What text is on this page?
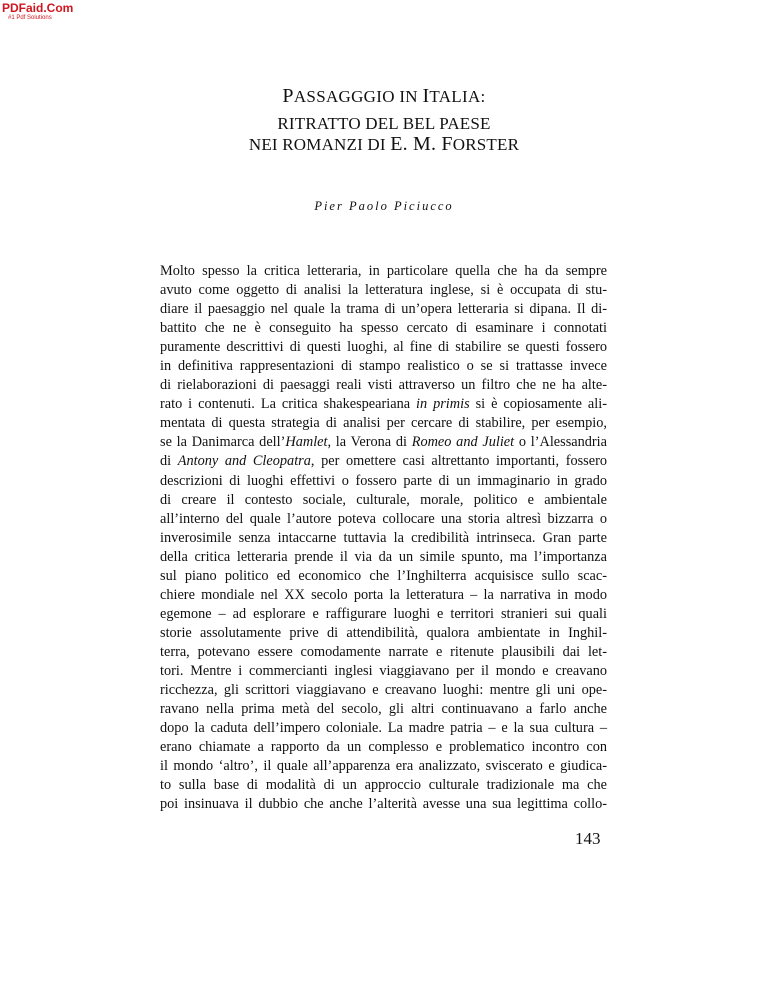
PDFaid.Com
#1 Pdf Solutions
PASSAGGGIO IN ITALIA:
RITRATTO DEL BEL PAESE
NEI ROMANZI DI E. M. FORSTER
Pier Paolo Piciucco
Molto spesso la critica letteraria, in particolare quella che ha da sempre
avuto come oggetto di analisi la letteratura inglese, si è occupata di stu-
diare il paesaggio nel quale la trama di un’opera letteraria si dipana. Il di-
battito che ne è conseguito ha spesso cercato di esaminare i connotati
puramente descrittivi di questi luoghi, al fine di stabilire se questi fossero
in definitiva rappresentazioni di stampo realistico o se si trattasse invece
di rielaborazioni di paesaggi reali visti attraverso un filtro che ne ha alte-
rato i contenuti. La critica shakespeariana in primis si è copiosamente ali-
mentata di questa strategia di analisi per cercare di stabilire, per esempio,
se la Danimarca dell’Hamlet, la Verona di Romeo and Juliet o l’Alessandria
di Antony and Cleopatra, per omettere casi altrettanto importanti, fossero
descrizioni di luoghi effettivi o fossero parte di un immaginario in grado
di creare il contesto sociale, culturale, morale, politico e ambientale
all’interno del quale l’autore poteva collocare una storia altresì bizzarra o
inverosimile senza intaccarne tuttavia la credibilità intrinseca. Gran parte
della critica letteraria prende il via da un simile spunto, ma l’importanza
sul piano politico ed economico che l’Inghilterra acquisisce sullo scac-
chiere mondiale nel XX secolo porta la letteratura – la narrativa in modo
egemone – ad esplorare e raffigurare luoghi e territori stranieri sui quali
storie assolutamente prive di attendibilità, qualora ambientate in Inghil-
terra, potevano essere comodamente narrate e ritenute plausibili dai let-
tori. Mentre i commercianti inglesi viaggiavano per il mondo e creavano
ricchezza, gli scrittori viaggiavano e creavano luoghi: mentre gli uni ope-
ravano nella prima metà del secolo, gli altri continuavano a farlo anche
dopo la caduta dell’impero coloniale. La madre patria – e la sua cultura –
erano chiamate a rapporto da un complesso e problematico incontro con
il mondo ‘altro’, il quale all’apparenza era analizzato, sviscerato e giudica-
to sulla base di modalità di un approccio culturale tradizionale ma che
poi insinuava il dubbio che anche l’alterità avesse una sua legittima collo-
143
